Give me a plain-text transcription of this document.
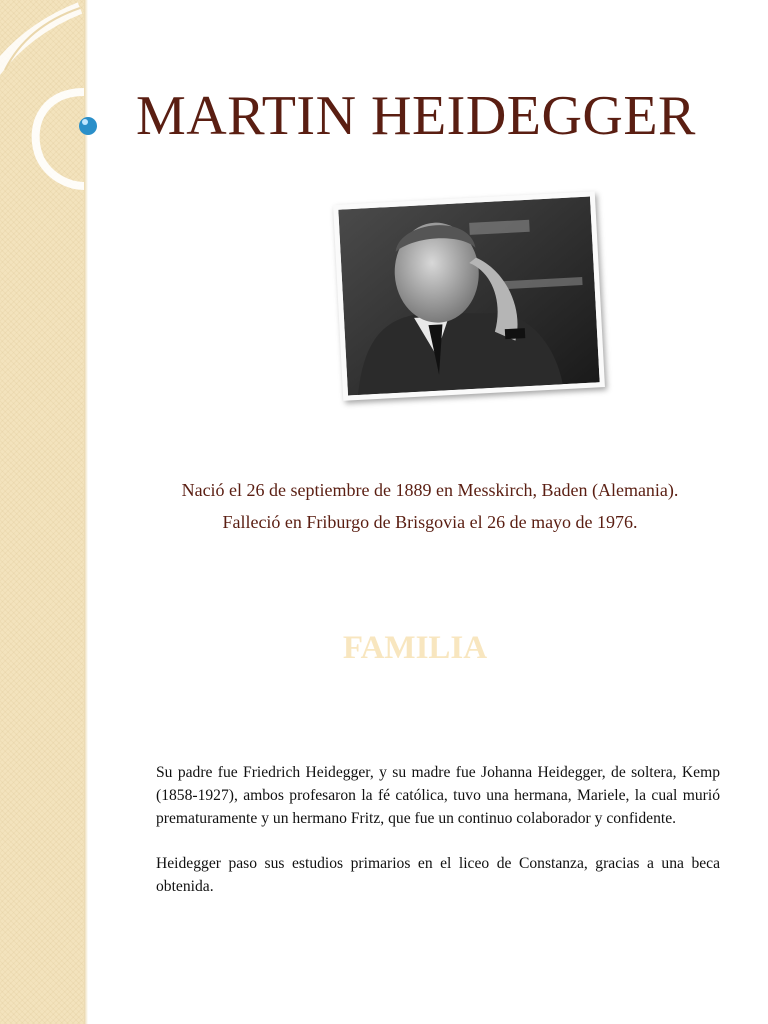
MARTIN HEIDEGGER
Nació el 26 de septiembre de 1889 en Messkirch, Baden (Alemania).
Falleció en Friburgo de Brisgovia el 26 de mayo de 1976.
FAMILIA

Su padre fue Friedrich Heidegger, y su madre fue Johanna Heidegger, de soltera, Kemp (1858-1927), ambos profesaron la fé católica, tuvo una hermana, Mariele, la cual murió prematuramente y un hermano Fritz, que fue un continuo colaborador y confidente.

Heidegger paso sus estudios primarios en el liceo de Constanza, gracias a una beca obtenida.
